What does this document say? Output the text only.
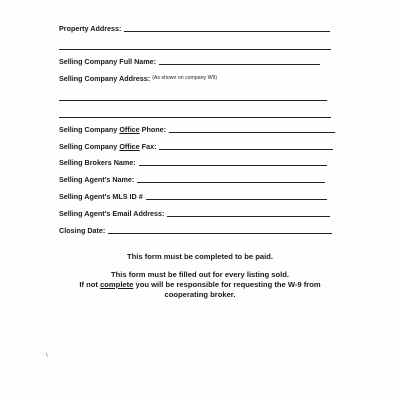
Property Address:
Selling Company Full Name:
Selling Company Address: (As shown on company W9)
Selling Company Office Phone:
Selling Company Office Fax:
Selling Brokers Name:
Selling Agent's Name:
Selling Agent's MLS ID #
Selling Agent's Email Address:
Closing Date:
This form must be completed to be paid.
This form must be filled out for every listing sold.
If not complete you will be responsible for requesting the W-9 from
cooperating broker.
\
